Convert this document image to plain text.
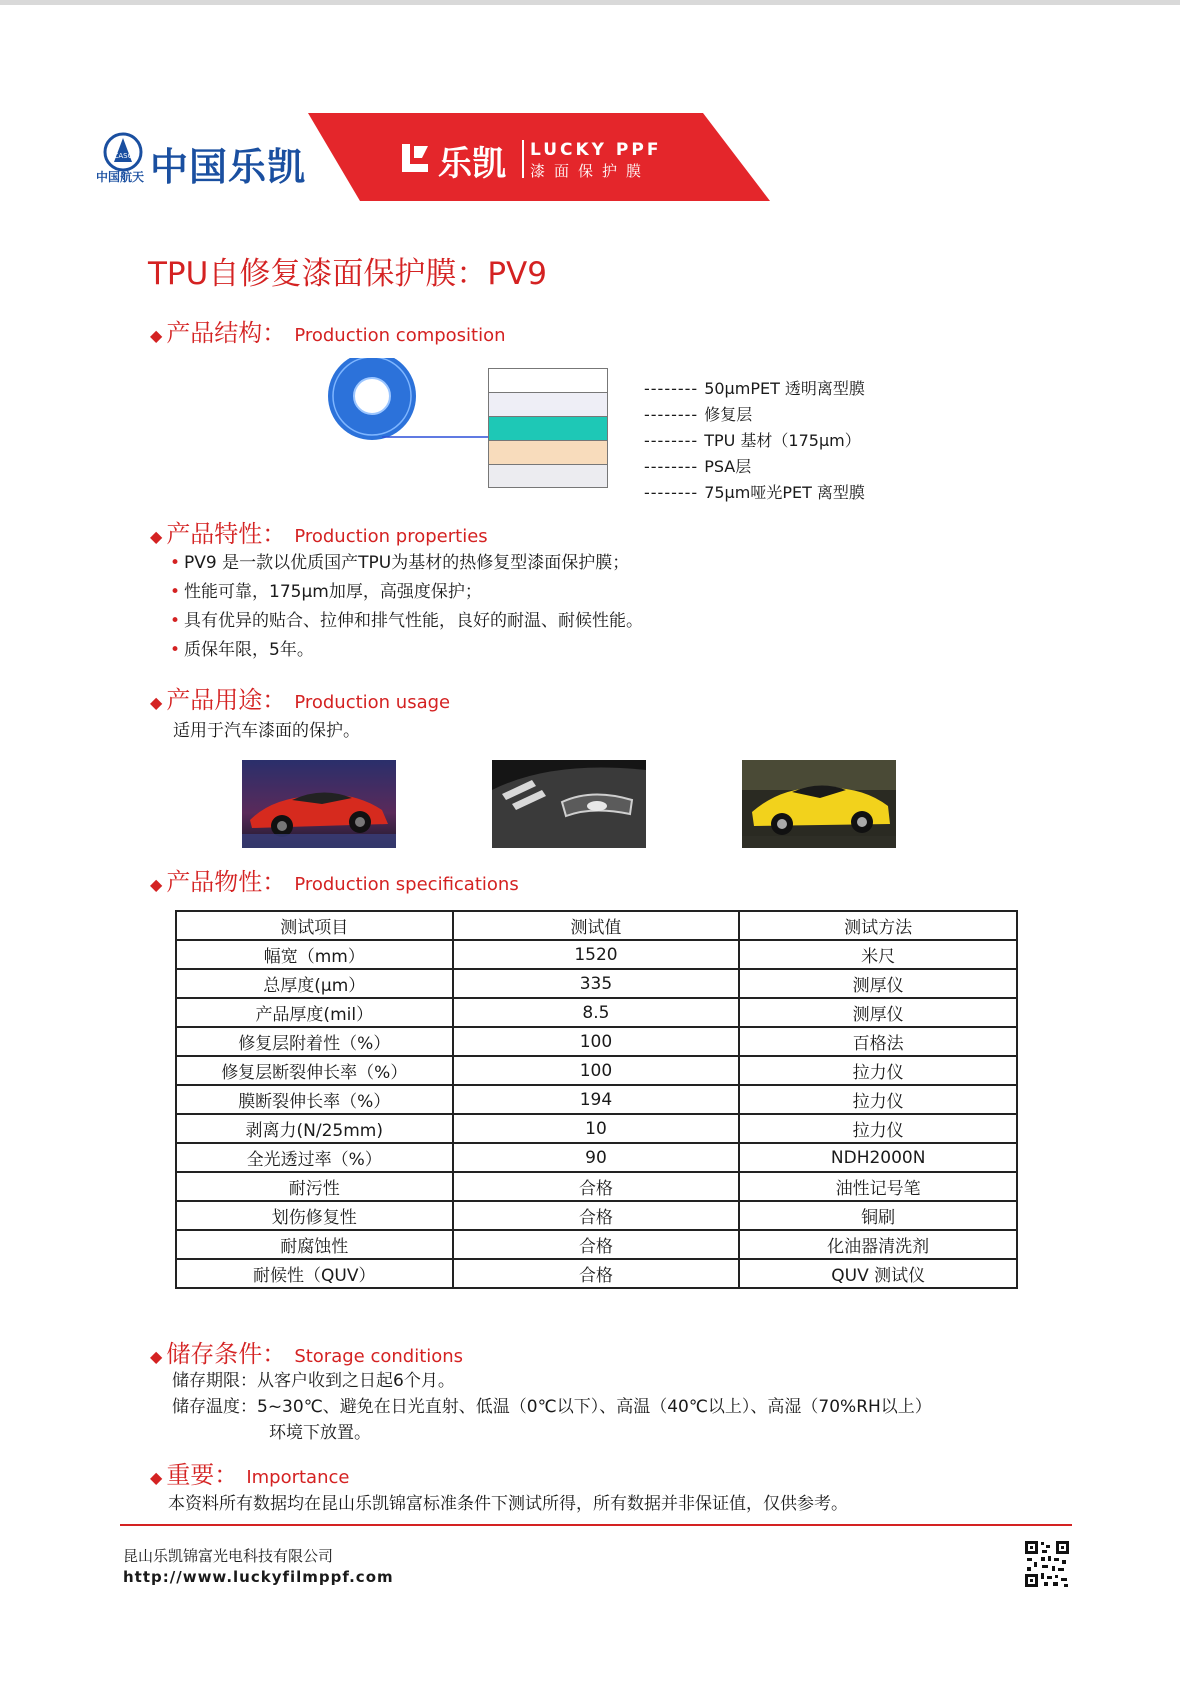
CASC
中国航天 中国乐凯	乐凯 LUCKY PPF
漆面保护膜
TPU自修复漆面保护膜：PV9
◆ 产品结构： Production composition
-------- 50μmPET 透明离型膜
-------- 修复层
-------- TPU 基材（175μm）
-------- PSA层
-------- 75μm哑光PET 离型膜
◆ 产品特性： Production properties
• PV9 是一款以优质国产TPU为基材的热修复型漆面保护膜；
• 性能可靠，175μm加厚，高强度保护；
• 具有优异的贴合、拉伸和排气性能，良好的耐温、耐候性能。
• 质保年限，5年。
◆ 产品用途： Production usage
适用于汽车漆面的保护。
◆ 产品物性： Production specifications
测试项目	测试值	测试方法
幅宽（mm）	1520	米尺
总厚度(μm）	335	测厚仪
产品厚度(mil）	8.5	测厚仪
修复层附着性（%）	100	百格法
修复层断裂伸长率（%）	100	拉力仪
膜断裂伸长率（%）	194	拉力仪
剥离力(N/25mm)	10	拉力仪
全光透过率（%）	90	NDH2000N
耐污性	合格	油性记号笔
划伤修复性	合格	铜刷
耐腐蚀性	合格	化油器清洗剂
耐候性（QUV）	合格	QUV 测试仪
◆ 储存条件： Storage conditions
储存期限：从客户收到之日起6个月。
储存温度：5~30℃、避免在日光直射、低温（0℃以下）、高温（40℃以上）、高湿（70%RH以上）
环境下放置。
◆ 重要： Importance
本资料所有数据均在昆山乐凯锦富标准条件下测试所得，所有数据并非保证值，仅供参考。
昆山乐凯锦富光电科技有限公司
http://www.luckyfilmppf.com
